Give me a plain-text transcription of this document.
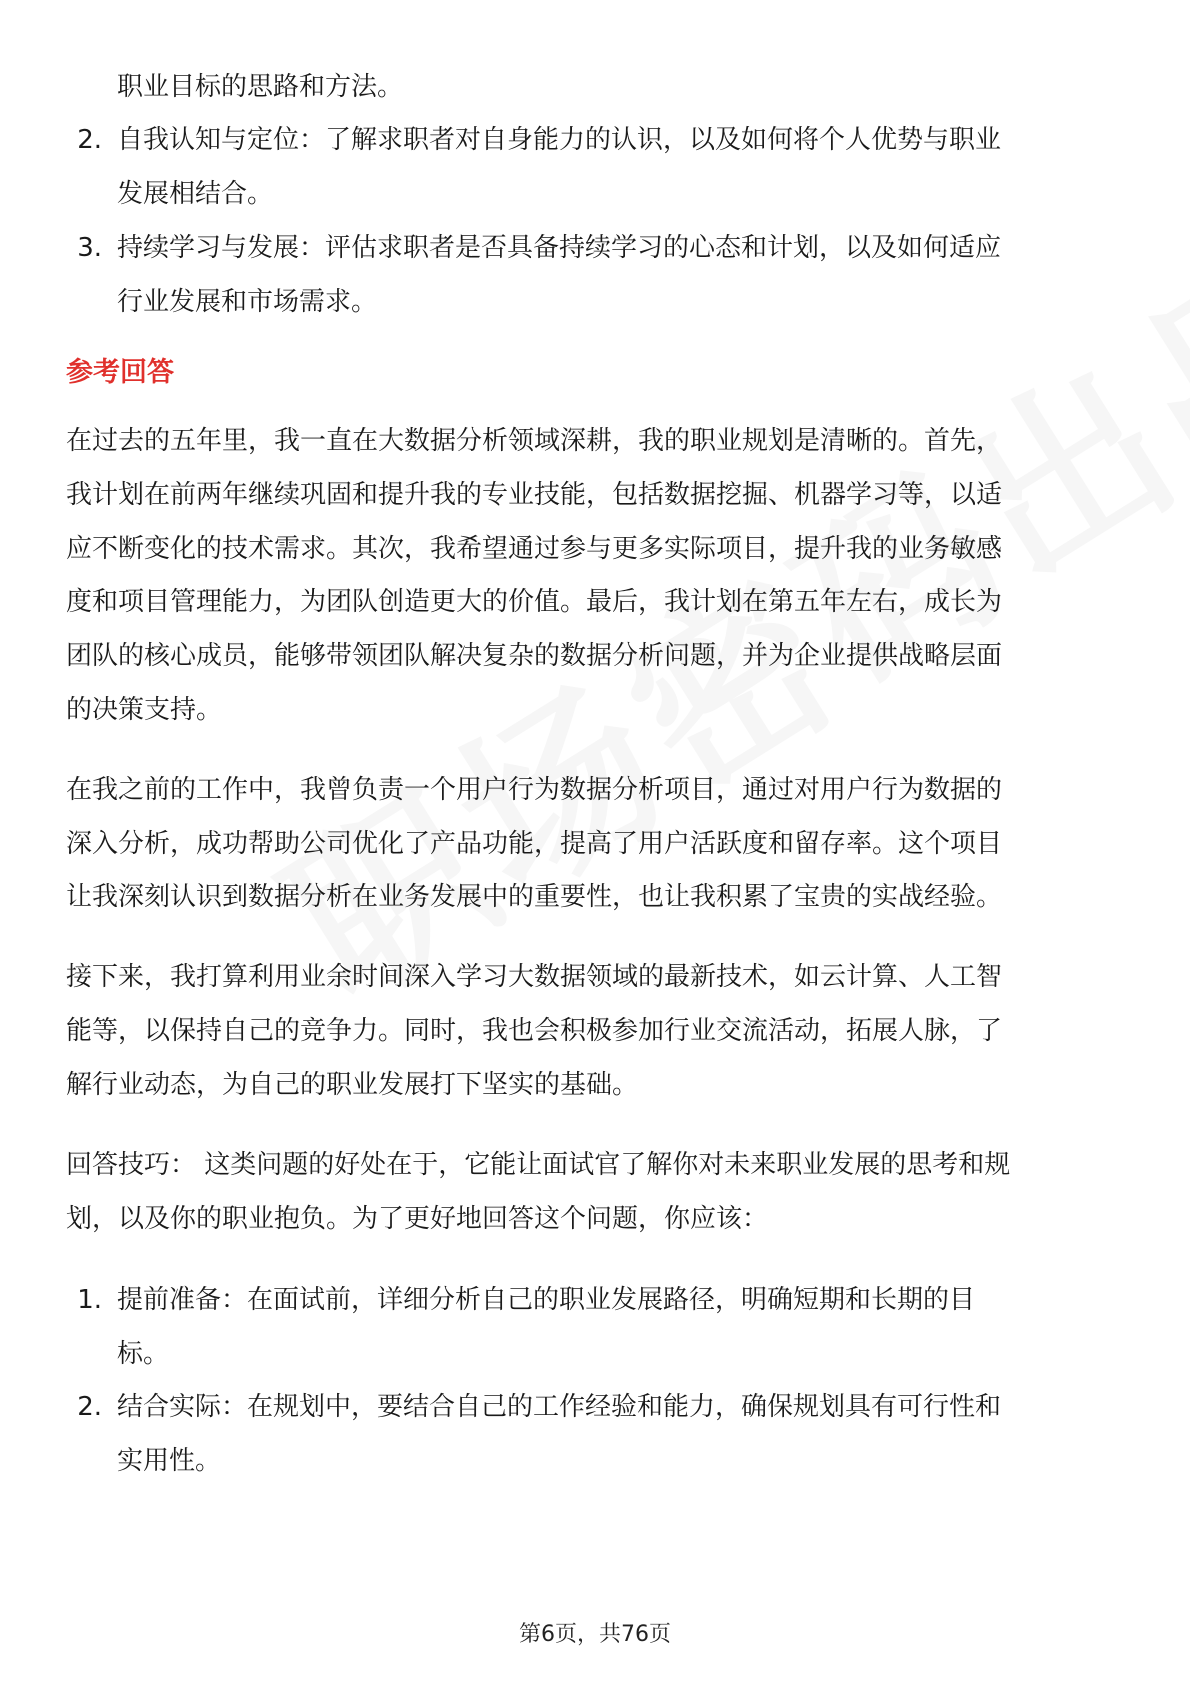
职业目标的思路和方法。
2. 自我认知与定位：了解求职者对自身能力的认识，以及如何将个人优势与职业
发展相结合。
3. 持续学习与发展：评估求职者是否具备持续学习的心态和计划，以及如何适应
行业发展和市场需求。
参考回答
在过去的五年里，我一直在大数据分析领域深耕，我的职业规划是清晰的。首先，
我计划在前两年继续巩固和提升我的专业技能，包括数据挖掘、机器学习等，以适
应不断变化的技术需求。其次，我希望通过参与更多实际项目，提升我的业务敏感
度和项目管理能力，为团队创造更大的价值。最后，我计划在第五年左右，成长为
团队的核心成员，能够带领团队解决复杂的数据分析问题，并为企业提供战略层面
的决策支持。
在我之前的工作中，我曾负责一个用户行为数据分析项目，通过对用户行为数据的
深入分析，成功帮助公司优化了产品功能，提高了用户活跃度和留存率。这个项目
让我深刻认识到数据分析在业务发展中的重要性，也让我积累了宝贵的实战经验。
接下来，我打算利用业余时间深入学习大数据领域的最新技术，如云计算、人工智
能等，以保持自己的竞争力。同时，我也会积极参加行业交流活动，拓展人脉，了
解行业动态，为自己的职业发展打下坚实的基础。
回答技巧： 这类问题的好处在于，它能让面试官了解你对未来职业发展的思考和规
划，以及你的职业抱负。为了更好地回答这个问题，你应该：
1. 提前准备：在面试前，详细分析自己的职业发展路径，明确短期和长期的目
标。
2. 结合实际：在规划中，要结合自己的工作经验和能力，确保规划具有可行性和
实用性。
第6页，共76页
